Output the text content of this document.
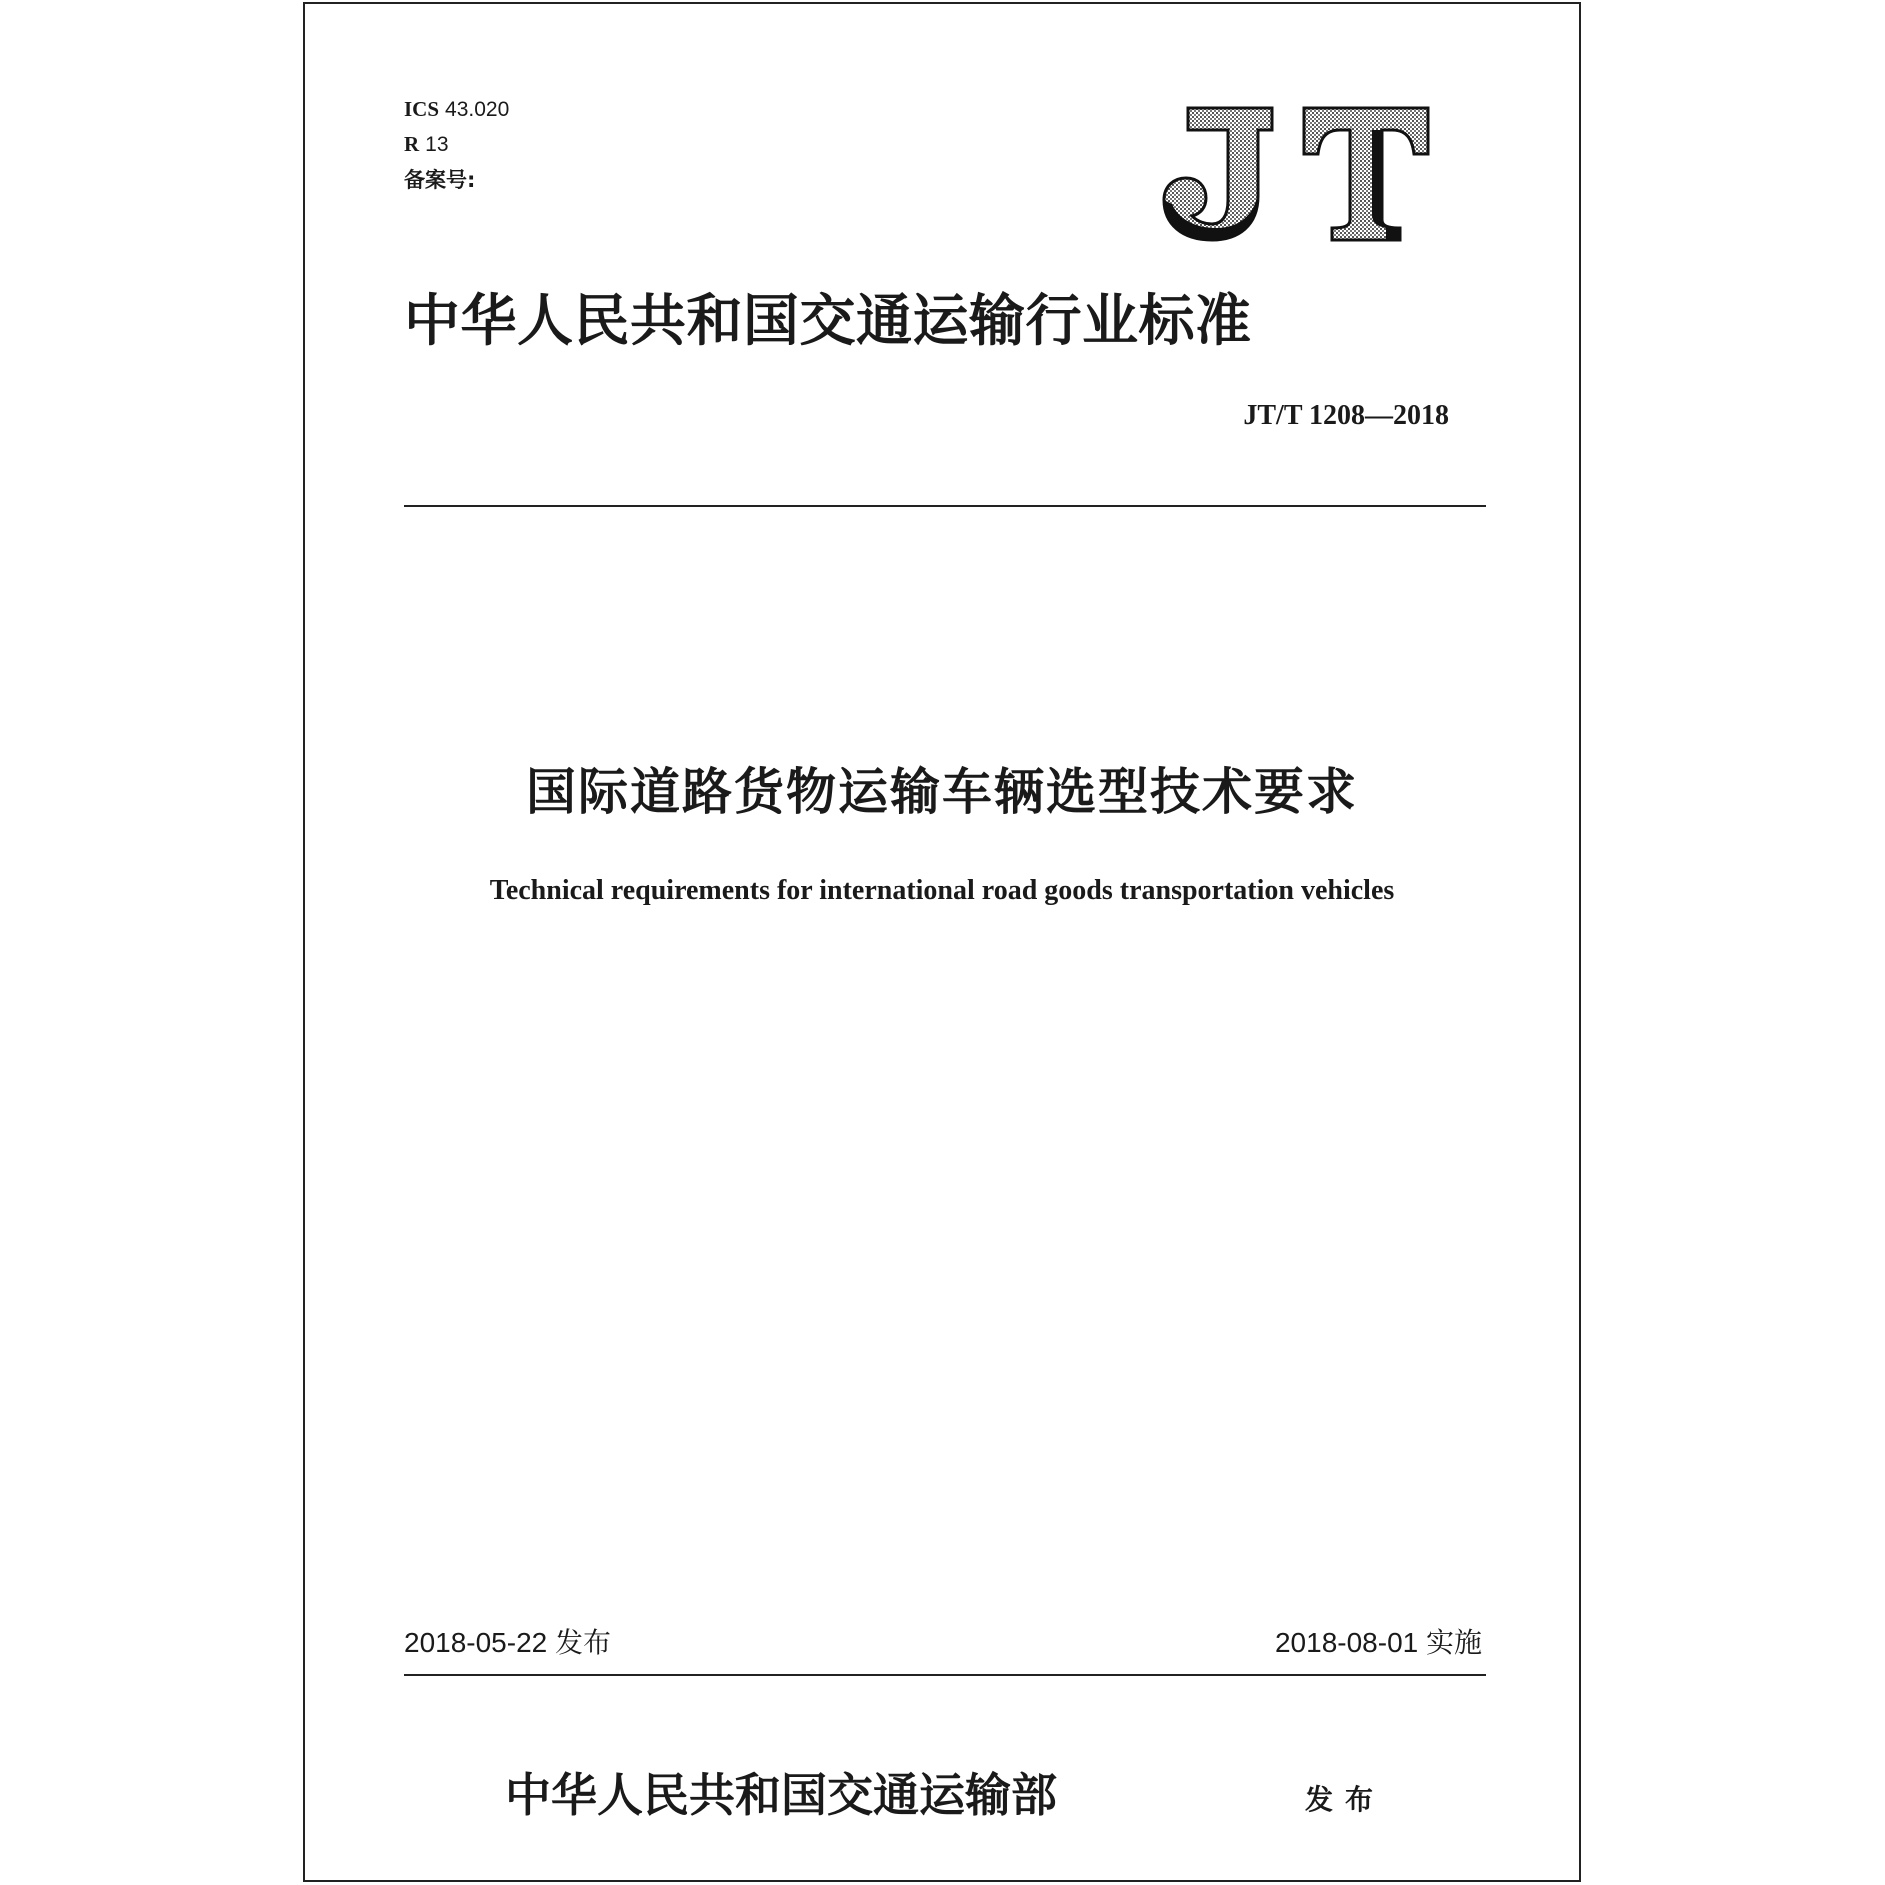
ICS 43.020
R 13
备案号:
中华人民共和国交通运输行业标准
JT/T 1208—2018
国际道路货物运输车辆选型技术要求
Technical requirements for international road goods transportation vehicles
2018-05-22 发布	2018-08-01 实施
中华人民共和国交通运输部	发布
